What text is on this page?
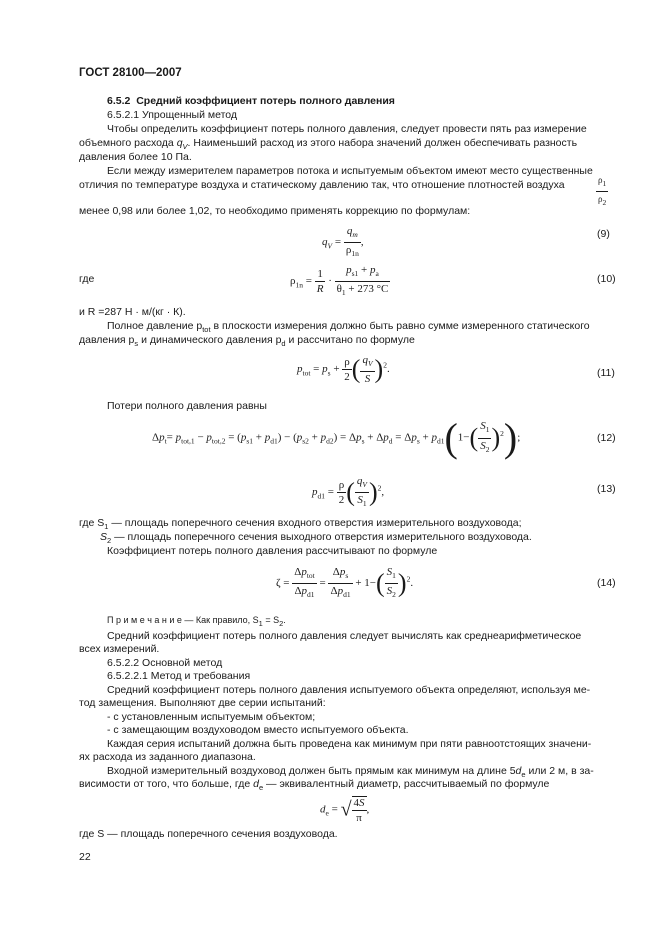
ГОСТ 28100—2007
6.5.2 Средний коэффициент потерь полного давления
6.5.2.1 Упрощенный метод
Чтобы определить коэффициент потерь полного давления, следует провести пять раз измерение
объемного расхода $q_V$. Наименьший расход из этого набора значений должен обеспечивать разность
давления более 10 Па.
Если между измерителем параметров потока и испытуемым объектом имеют место существенные
отличия по температуре воздуха и статическому давлению так, что отношение плотностей воздуха	$\frac{\rho_1}{\rho_2}$
менее 0,98 или более 1,02, то необходимо применять коррекцию по формулам:
$q_V = \frac{q_m}{\rho_{1n}}$ ,
(9)
где	$\rho_{1n} = \frac{1}{R} \cdot \frac{p_{s1} + p_a}{\theta_1 + 273 ^\circ C}$	(10)
и R =287 Н · м/(кг · К).
Полное давление $p_{tot}$ в плоскости измерения должно быть равно сумме измеренного статического
давления $p_s$ и динамического давления $p_d$ и рассчитано по формуле
$p_{tot} = p_s + \frac{\rho}{2}$ ( $\frac{q_V}{S} )^2$.	(11)
Потери полного давления равны
$\Delta p_t= p_{tot,1} - p_{tot,2} = (p_{s1} + p_{d1}) - (p_{s2} + p_{d2}) = \Delta p_s + \Delta p_d = \Delta p_s + p_{d1}(1-( \frac{S_1}{S_2} )^2)$;	(12)
$p_{d1} = \frac{\rho}{2}$ ( $\frac{q_V}{S_1} )^2$,	(13)
где $S_1$ — площадь поперечного сечения входного отверстия измерительного воздуховода;
$S_2$ — площадь поперечного сечения выходного отверстия измерительного воздуховода.
Коэффициент потерь полного давления рассчитывают по формуле
$\zeta = \frac{\Delta p_{tot}}{\Delta p_{d1}} = \frac{\Delta p_s}{\Delta p_{d1}} + 1-( \frac{S_1}{S_2} )^2$.	(14)
П р и м е ч а н и е — Как правило, $S_1 = S_2$.
Средний коэффициент потерь полного давления следует вычислять как среднеарифметическое
всех измерений.
6.5.2.2 Основной метод
6.5.2.2.1 Метод и требования
Средний коэффициент потерь полного давления испытуемого объекта определяют, используя ме-
тод замещения. Выполняют две серии испытаний:
- с установленным испытуемым объектом;
- с замещающим воздуховодом вместо испытуемого объекта.
Каждая серия испытаний должна быть проведена как минимум при пяти равноотстоящих значени-
ях расхода из заданного диапазона.
Входной измерительный воздуховод должен быть прямым как минимум на длине $5d_e$ или 2 м, в за-
висимости от того, что больше, где $d_e$ — эквивалентный диаметр, рассчитываемый по формуле
$d_e$ = √ $\frac{4S}{\pi}$ ,
где S — площадь поперечного сечения воздуховода.
22
